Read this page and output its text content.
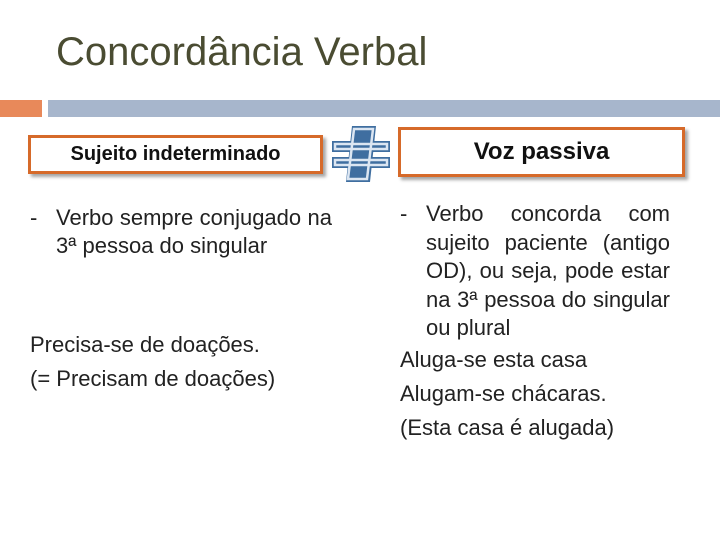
Concordância Verbal
Sujeito indeterminado	Voz passiva
- Verbo sempre conjugado na 3ª pessoa do singular
Precisa-se de doações.
(= Precisam de doações)
- Verbo concorda com sujeito paciente (antigo OD), ou seja, pode estar na 3ª pessoa do singular ou plural
Aluga-se esta casa
Alugam-se chácaras.
(Esta casa é alugada)
